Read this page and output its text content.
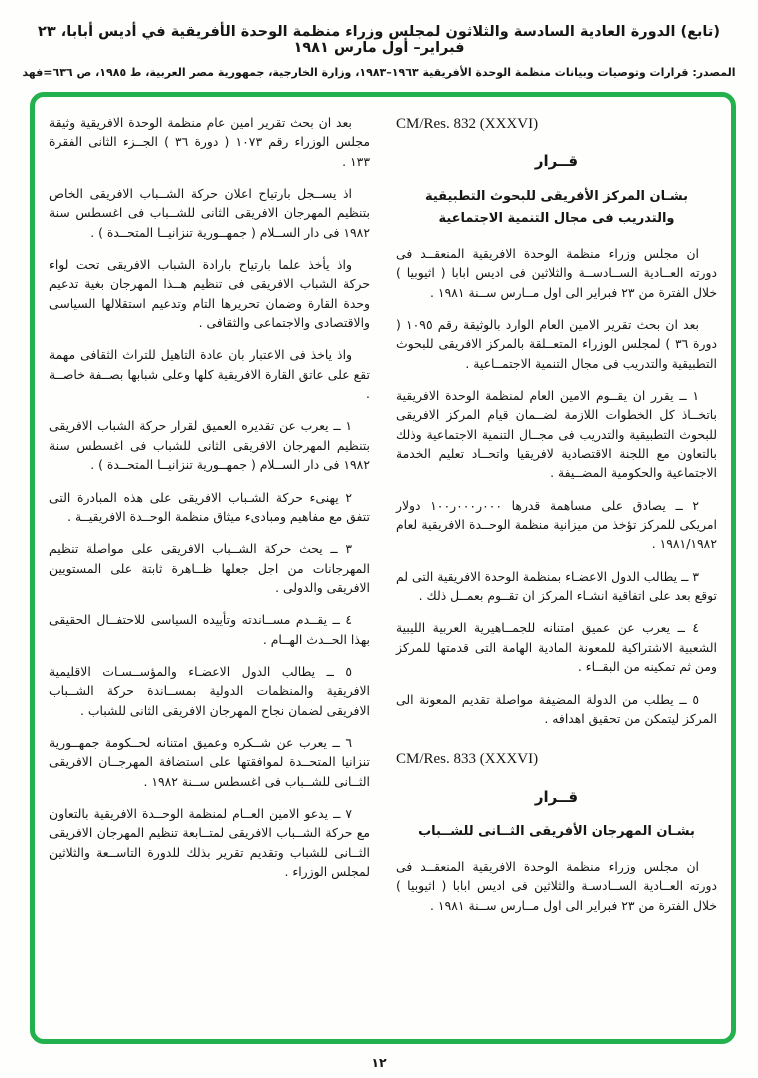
(تابع) الدورة العادية السادسة والثلاثون لمجلس وزراء منظمة الوحدة الأفريقية في أديس أبابا، ٢٣ فبراير– أول مارس ١٩٨١
المصدر: قرارات وتوصيات وبيانات منظمة الوحدة الأفريقية ١٩٦٣–١٩٨٣، وزارة الخارجية، جمهورية مصر العربية، ط ١٩٨٥، ص ٦٣٦=فهد
CM/Res. 832 (XXXVI)
قــرار
بشـان المركز الأفريقى للبحوث التطبيقية
والتدريب فى مجال التنمية الاجتماعية

ان مجلس وزراء منظمة الوحدة الافريقية المنعقــد فى دورته العــادية الســادســة والثلاثين فى اديس ابابا ( اثيوبيا ) خلال الفترة من ٢٣ فبراير الى اول مــارس ســنة ١٩٨١ .

بعد ان بحث تقرير الامين العام الوارد بالوثيقة رقم ١٠٩٥ ( دورة ٣٦ ) لمجلس الوزراء المتعــلقة بالمركز الافريقى للبحوث التطبيقية والتدريب فى مجال التنمية الاجتمــاعية .

١ ــ يقرر ان يقــوم الامين العام لمنظمة الوحدة الافريقية باتخــاذ كل الخطوات اللازمة لضــمان قيام المركز الافريقى للبحوث التطبيقية والتدريب فى مجــال التنمية الاجتماعية وذلك بالتعاون مع اللجنة الاقتصادية لافريقيا واتحــاد تعليم الخدمة الاجتماعية والحكومية المضــيفة .

٢ ــ يصادق على مساهمة قدرها ٠٠٠ر٠٠٠ر١٠٠ دولار امريكى للمركز تؤخذ من ميزانية منظمة الوحــدة الافريقية لعام ١٩٨١/١٩٨٢ .

٣ ــ يطالب الدول الاعضـاء بمنظمة الوحدة الافريقية التى لم توقع بعد على اتفاقية انشـاء المركز ان تقــوم بعمــل ذلك .

٤ ــ يعرب عن عميق امتنانه للجمــاهيرية العربية الليبية الشعبية الاشتراكية للمعونة المادية الهامة التى قدمتها للمركز ومن ثم تمكينه من البقــاء .

٥ ــ يطلب من الدولة المضيفة مواصلة تقديم المعونة الى المركز ليتمكن من تحقيق اهدافه .

CM/Res. 833 (XXXVI)
قــرار
بشـان المهرجان الأفريقى الثــانى للشــباب

ان مجلس وزراء منظمة الوحدة الافريقية المنعقــد فى دورته العــادية الســادسـة والثلاثين فى اديس ابابا ( اثيوبيا ) خلال الفترة من ٢٣ فبراير الى اول مــارس ســنة ١٩٨١ .

بعد ان بحث تقرير امين عام منظمة الوحدة الافريقية وثيقة مجلس الوزراء رقم ١٠٧٣ ( دورة ٣٦ ) الجــزء الثانى الفقرة ١٣٣ .

اذ يســجل بارتياح اعلان حركة الشــباب الافريقى الخاص بتنظيم المهرجان الافريقى الثانى للشــباب فى اغسطس سنة ١٩٨٢ فى دار الســلام ( جمهــورية تنزانيــا المتحــدة ) .

واذ يأخذ علما بارتياح بارادة الشباب الافريقى تحت لواء حركة الشباب الافريقى فى تنظيم هــذا المهرجان بغية تدعيم وحدة القارة وضمان تحريرها التام وتدعيم استقلالها السياسى والاقتصادى والاجتماعى والثقافى .

واذ ياخذ فى الاعتبار بان عادة التاهيل للتراث الثقافى مهمة تقع على عاتق القارة الافريقية كلها وعلى شبابها بصــفة خاصــة .

١ ــ يعرب عن تقديره العميق لقرار حركة الشباب الافريقى بتنظيم المهرجان الافريقى الثانى للشباب فى اغسطس سنة ١٩٨٢ فى دار الســلام ( جمهــورية تنزانيــا المتحــدة ) .

٢ يهنىء حركة الشـباب الافريقى على هذه المبادرة التى تتفق مع مفاهيم ومبادىء ميثاق منظمة الوحــدة الافريقيــة .

٣ ــ يحث حركة الشــباب الافريقى على مواصلة تنظيم المهرجانات من اجل جعلها ظــاهرة ثابتة على المستويين الافريقى والدولى .

٤ ــ يقــدم مســاندته وتأييده السياسى للاحتفــال الحقيقى بهذا الحــدث الهــام .

٥ ــ يطالب الدول الاعضـاء والمؤســسـات الاقليمية الافريقية والمنظمات الدولية بمســاندة حركة الشــباب الافريقى لضمان نجاح المهرجان الافريقى الثانى للشباب .

٦ ــ يعرب عن شــكره وعميق امتنانه لحــكومة جمهــورية تنزانيا المتحــدة لموافقتها على استضافة المهرجــان الافريقى الثــانى للشــباب فى اغسطس ســنة ١٩٨٢ .

٧ ــ يدعو الامين العــام لمنظمة الوحــدة الافريقية بالتعاون مع حركة الشــباب الافريقى لمتــابعة تنظيم المهرجان الافريقى الثــانى للشباب وتقديم تقرير بذلك للدورة التاســعة والثلاثين لمجلس الوزراء .

١٢
